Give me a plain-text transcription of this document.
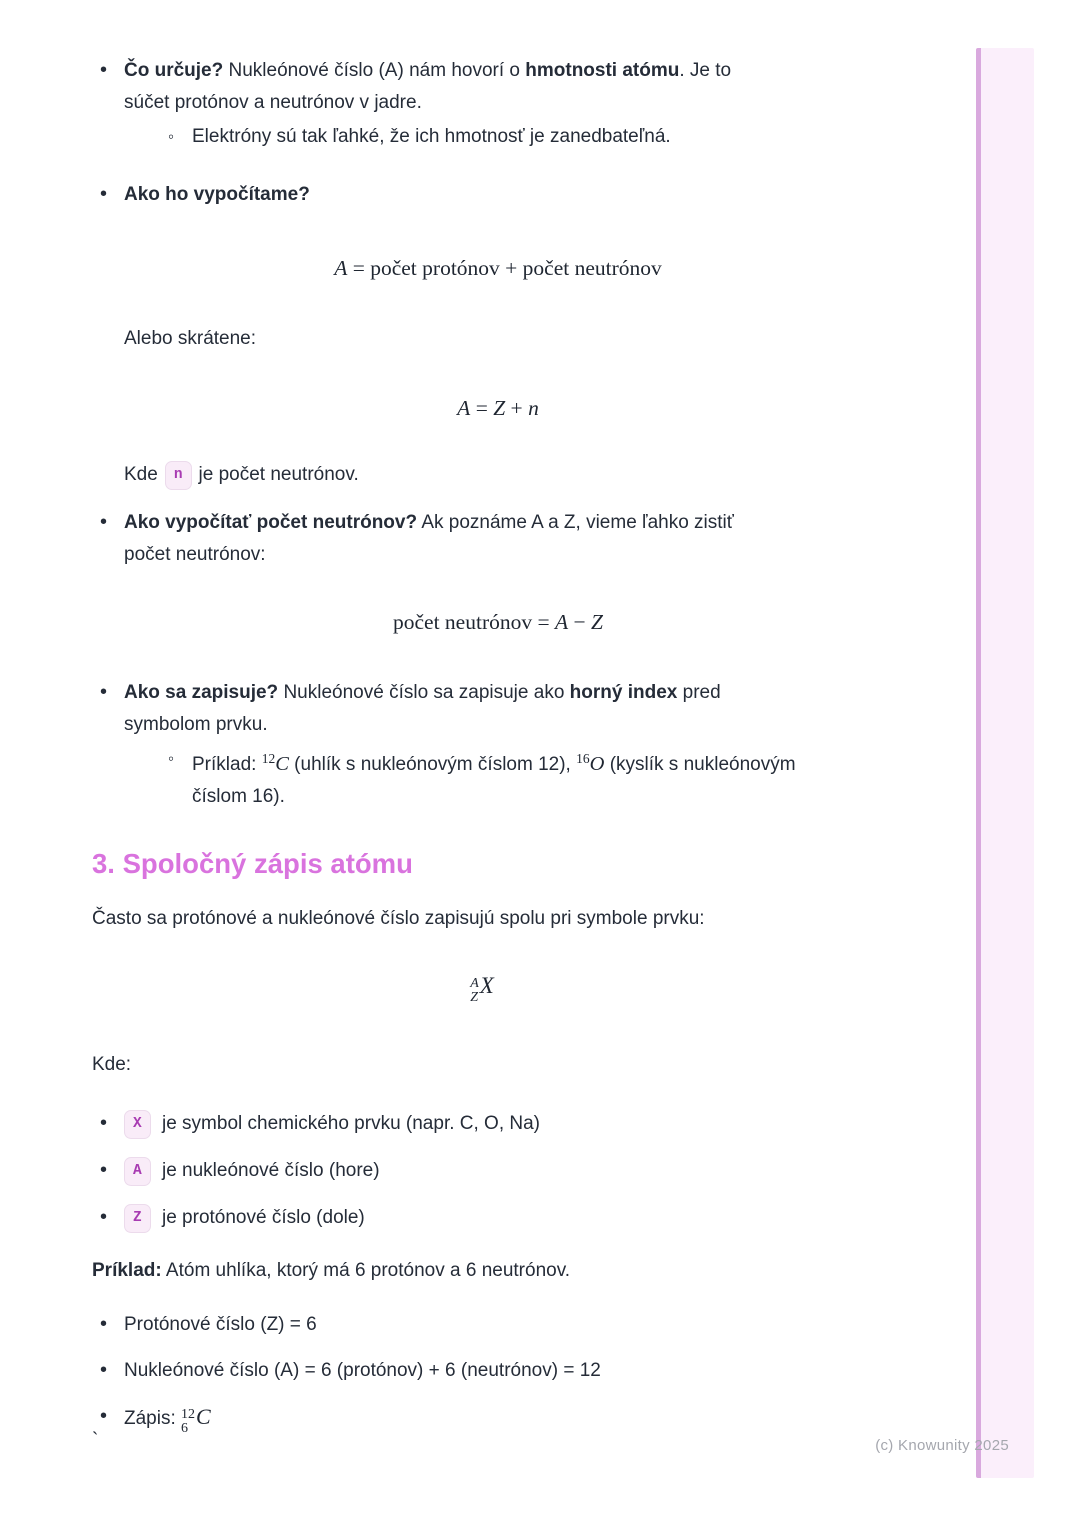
• Čo určuje? Nukleónové číslo (A) nám hovorí o hmotnosti atómu. Je to
súčet protónov a neutrónov v jadre.
◦ Elektróny sú tak ľahké, že ich hmotnosť je zanedbateľná.
• Ako ho vypočítame?
A = počet protónov + počet neutrónov
Alebo skrátene:
A = Z + n
Kde n je počet neutrónov.
• Ako vypočítať počet neutrónov? Ak poznáme A a Z, vieme ľahko zistiť
počet neutrónov:
počet neutrónov = A − Z
• Ako sa zapisuje? Nukleónové číslo sa zapisuje ako horný index pred
symbolom prvku.
◦ Príklad: $^{12}$C (uhlík s nukleónovým číslom 12), $^{16}$O (kyslík s nukleónovým
číslom 16).
3. Spoločný zápis atómu
Často sa protónové a nukleónové číslo zapisujú spolu pri symbole prvku:
A
Z X
Kde:
• X je symbol chemického prvku (napr. C, O, Na)
• A je nukleónové číslo (hore)
• Z je protónové číslo (dole)
Príklad: Atóm uhlíka, ktorý má 6 protónov a 6 neutrónov.
• Protónové číslo (Z) = 6
• Nukleónové číslo (A) = 6 (protónov) + 6 (neutrónov) = 12
• Zápis: 12
6 C
`	(c) Knowunity 2025
